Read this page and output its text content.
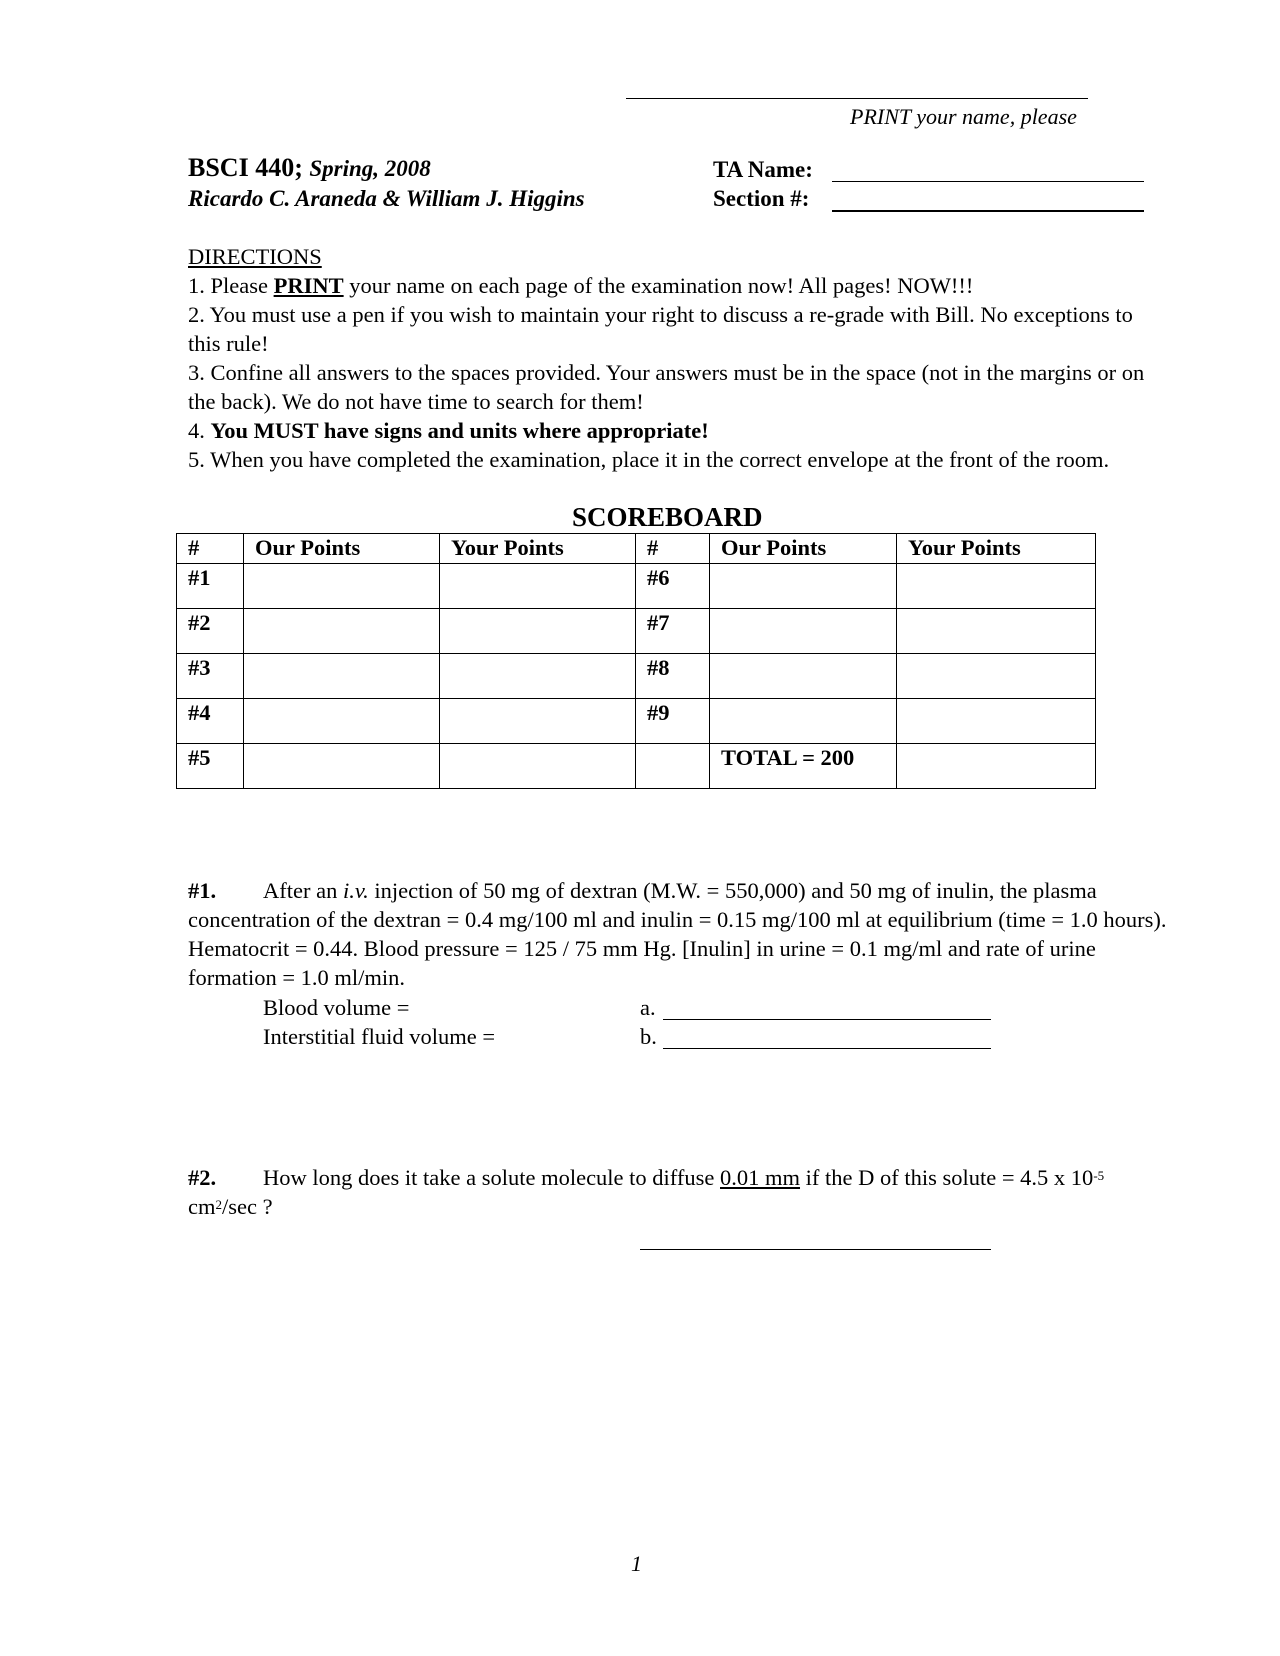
PRINT your name, please
BSCI 440; Spring, 2008
Ricardo C. Araneda & William J. Higgins
TA Name:
Section #:

DIRECTIONS

1. Please PRINT your name on each page of the examination now! All pages! NOW!!!

2. You must use a pen if you wish to maintain your right to discuss a re-grade with Bill. No exceptions to this rule!

3. Confine all answers to the spaces provided. Your answers must be in the space (not in the margins or on the back). We do not have time to search for them!

4. You MUST have signs and units where appropriate!

5. When you have completed the examination, place it in the correct envelope at the front of the room.

SCOREBOARD
#	Our Points	Your Points	#	Our Points	Your Points
#1			#6		
#2			#7		
#3			#8		
#4			#9		
#5				TOTAL = 200	

#1. After an i.v. injection of 50 mg of dextran (M.W. = 550,000) and 50 mg of inulin, the plasma concentration of the dextran = 0.4 mg/100 ml and inulin = 0.15 mg/100 ml at equilibrium (time = 1.0 hours). Hematocrit = 0.44. Blood pressure = 125 / 75 mm Hg. [Inulin] in urine = 0.1 mg/ml and rate of urine formation = 1.0 ml/min.

Blood volume =	a.
Interstitial fluid volume =	b.

#2. How long does it take a solute molecule to diffuse 0.01 mm if the D of this solute = 4.5 x $10^{-5}$ $cm^2/\sec$ ?

1
